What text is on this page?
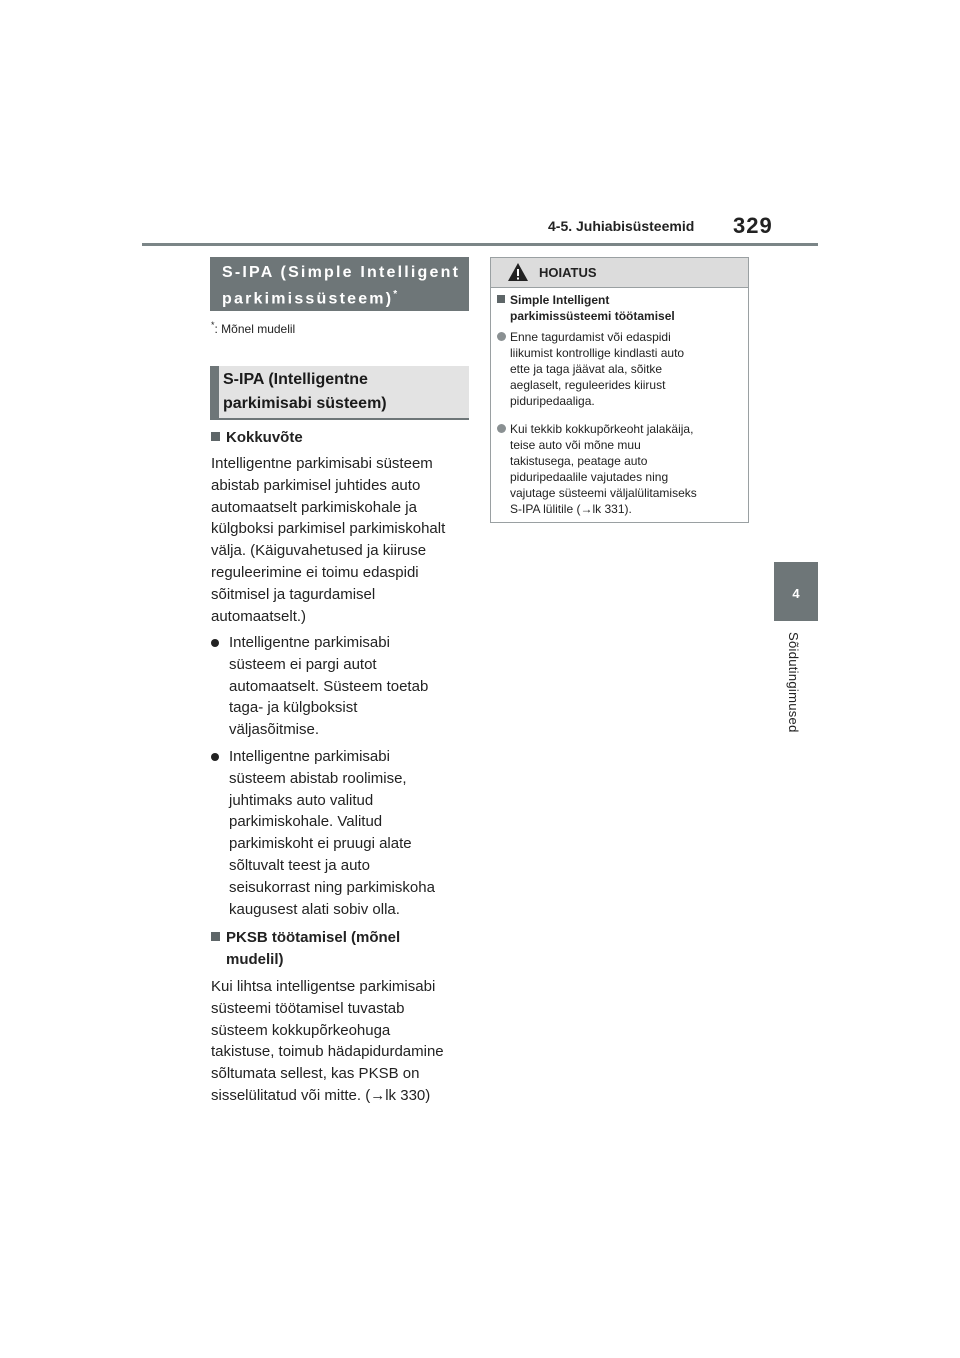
4-5. Juhiabisüsteemid 329
4
Sõidutingimused
S-IPA (Simple Intelligent parkimissüsteem)*
*: Mõnel mudelil
S-IPA (Intelligentne
parkimisabi süsteem)
Kokkuvõte
Intelligentne parkimisabi süsteem
abistab parkimisel juhtides auto
automaatselt parkimiskohale ja
külgboksi parkimisel parkimiskohalt
välja. (Käiguvahetused ja kiiruse
reguleerimine ei toimu edaspidi
sõitmisel ja tagurdamisel
automaatselt.)
Intelligentne parkimisabi
süsteem ei pargi autot
automaatselt. Süsteem toetab
taga- ja külgboksist
väljasõitmise.
Intelligentne parkimisabi
süsteem abistab roolimise,
juhtimaks auto valitud
parkimiskohale. Valitud
parkimiskoht ei pruugi alate
sõltuvalt teest ja auto
seisukorrast ning parkimiskoha
kaugusest alati sobiv olla.
PKSB töötamisel (mõnel
mudelil)
Kui lihtsa intelligentse parkimisabi
süsteemi töötamisel tuvastab
süsteem kokkupõrkeohuga
takistuse, toimub hädapidurdamine
sõltumata sellest, kas PKSB on
sisselülitatud või mitte. (→lk 330)
HOIATUS
Simple Intelligent
parkimissüsteemi töötamisel
Enne tagurdamist või edaspidi
liikumist kontrollige kindlasti auto
ette ja taga jäävat ala, sõitke
aeglaselt, reguleerides kiirust
piduripedaaliga.
Kui tekkib kokkupõrkeoht jalakäija,
teise auto või mõne muu
takistusega, peatage auto
piduripedaalile vajutades ning
vajutage süsteemi väljalülitamiseks
S-IPA lülitile (→lk 331).
